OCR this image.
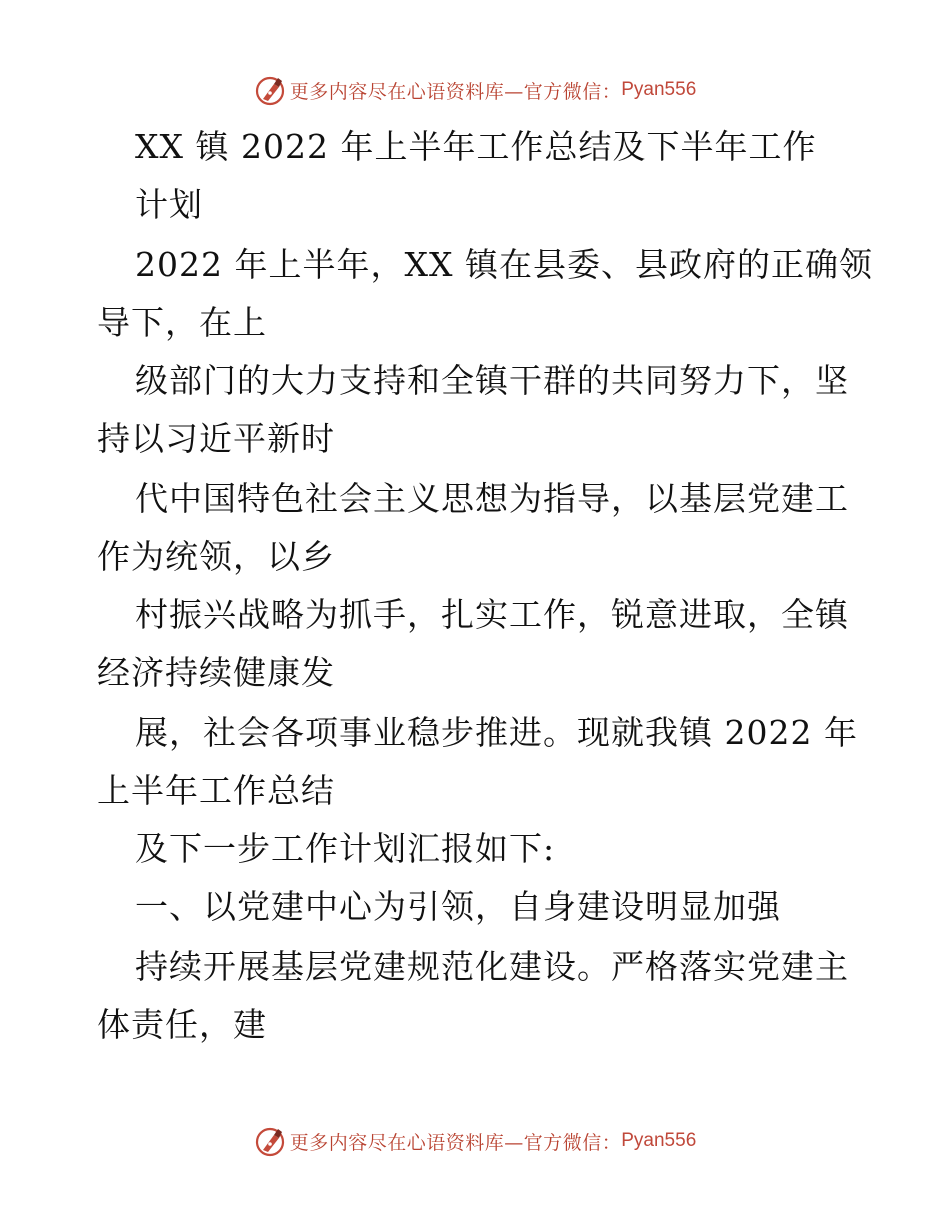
更多内容尽在心语资料库—官方微信： Pyan556
XX 镇 2022 年上半年工作总结及下半年工作
计划
2022 年上半年，XX 镇在县委、县政府的正确领
导下，在上
级部门的大力支持和全镇干群的共同努力下，坚
持以习近平新时
代中国特色社会主义思想为指导，以基层党建工
作为统领，以乡
村振兴战略为抓手，扎实工作，锐意进取，全镇
经济持续健康发
展，社会各项事业稳步推进。现就我镇 2022 年
上半年工作总结
及下一步工作计划汇报如下:
一、以党建中心为引领，自身建设明显加强
持续开展基层党建规范化建设。严格落实党建主
体责任，建
更多内容尽在心语资料库—官方微信： Pyan556
